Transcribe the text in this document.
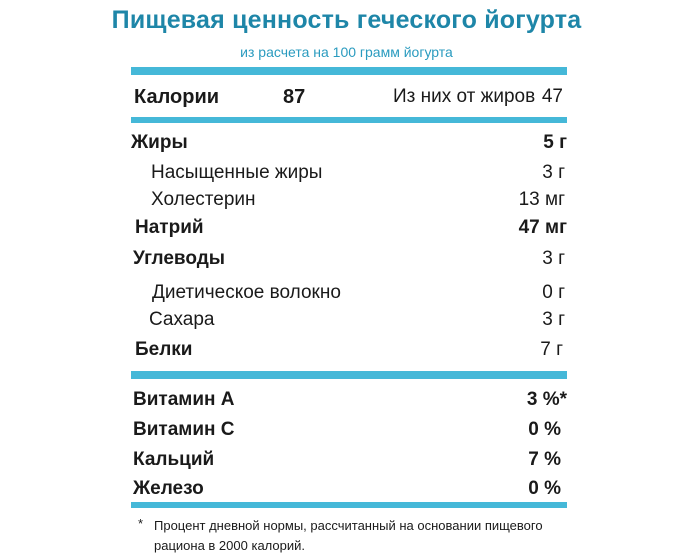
Пищевая ценность геческого йогурта
из расчета на 100 грамм йогурта
Калории	87	Из них от жиров 47
Жиры	5 г
Насыщенные жиры	3 г
Холестерин	13 мг
Натрий	47 мг
Углеводы	3 г
Диетическое волокно	0 г
Сахара	3 г
Белки	7 г
Витамин А	3 %*
Витамин С	0 %
Кальций	7 %
Железо	0 %
* Процент дневной нормы, рассчитанный на основании пищевого
рациона в 2000 калорий.
